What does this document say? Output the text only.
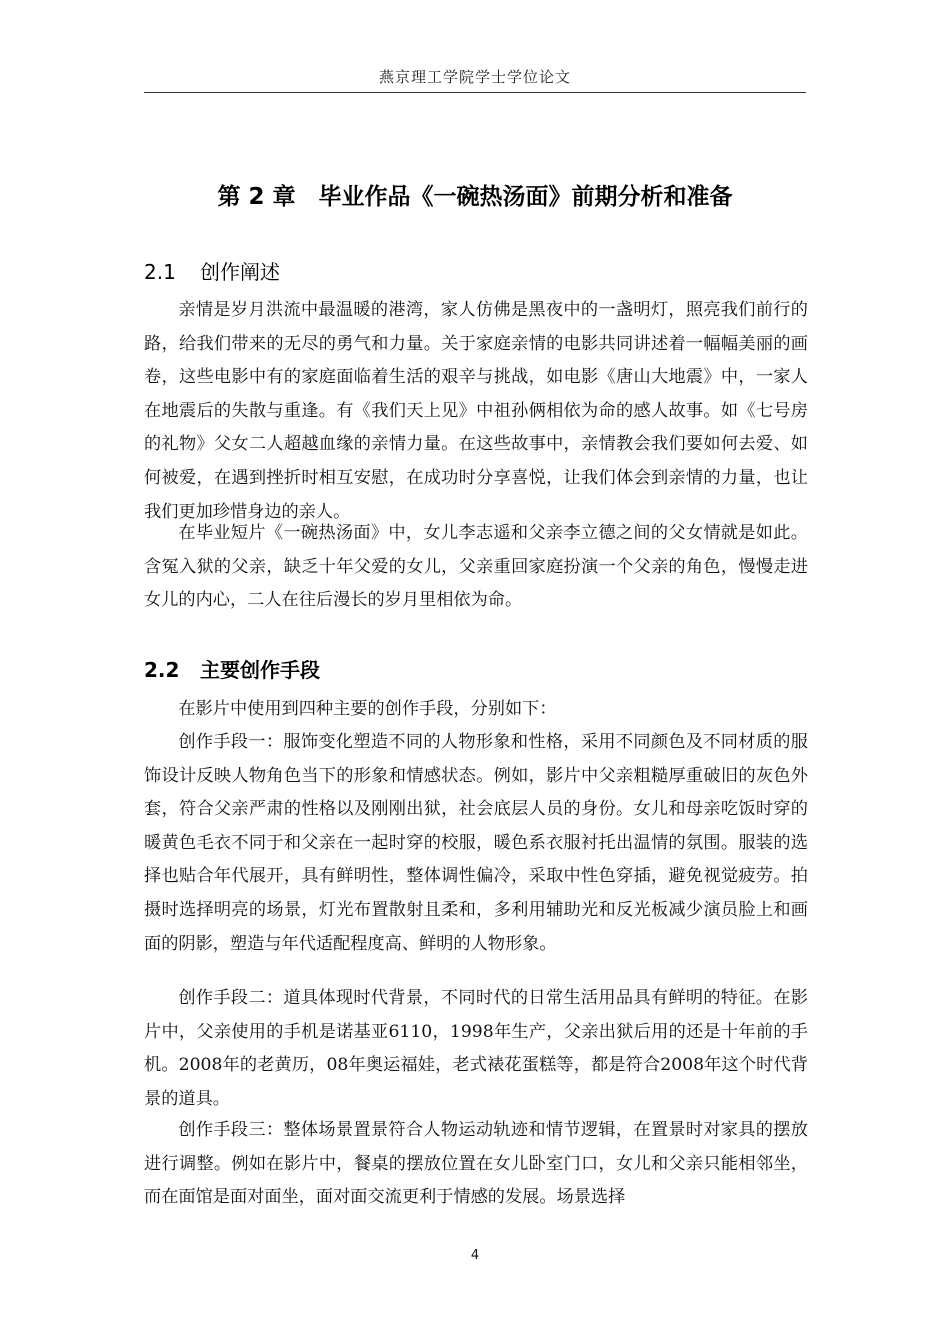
燕京理工学院学士学位论文
第 2 章　毕业作品《一碗热汤面》前期分析和准备
2.1 创作阐述

亲情是岁月洪流中最温暖的港湾，家人仿佛是黑夜中的一盏明灯，照亮我们前行的路，给我们带来的无尽的勇气和力量。关于家庭亲情的电影共同讲述着一幅幅美丽的画卷，这些电影中有的家庭面临着生活的艰辛与挑战，如电影《唐山大地震》中，一家人在地震后的失散与重逢。有《我们天上见》中祖孙俩相依为命的感人故事。如《七号房的礼物》父女二人超越血缘的亲情力量。在这些故事中，亲情教会我们要如何去爱、如何被爱，在遇到挫折时相互安慰，在成功时分享喜悦，让我们体会到亲情的力量，也让我们更加珍惜身边的亲人。

在毕业短片《一碗热汤面》中，女儿李志遥和父亲李立德之间的父女情就是如此。含冤入狱的父亲，缺乏十年父爱的女儿，父亲重回家庭扮演一个父亲的角色，慢慢走进女儿的内心，二人在往后漫长的岁月里相依为命。

2.2 主要创作手段

在影片中使用到四种主要的创作手段，分别如下：

创作手段一：服饰变化塑造不同的人物形象和性格，采用不同颜色及不同材质的服饰设计反映人物角色当下的形象和情感状态。例如，影片中父亲粗糙厚重破旧的灰色外套，符合父亲严肃的性格以及刚刚出狱，社会底层人员的身份。女儿和母亲吃饭时穿的暖黄色毛衣不同于和父亲在一起时穿的校服，暖色系衣服衬托出温情的氛围。服装的选择也贴合年代展开，具有鲜明性，整体调性偏冷，采取中性色穿插，避免视觉疲劳。拍摄时选择明亮的场景，灯光布置散射且柔和，多利用辅助光和反光板减少演员脸上和画面的阴影，塑造与年代适配程度高、鲜明的人物形象。

创作手段二：道具体现时代背景，不同时代的日常生活用品具有鲜明的特征。在影片中，父亲使用的手机是诺基亚6110，1998年生产，父亲出狱后用的还是十年前的手机。2008年的老黄历，08年奥运福娃，老式裱花蛋糕等，都是符合2008年这个时代背景的道具。

创作手段三：整体场景置景符合人物运动轨迹和情节逻辑，在置景时对家具的摆放进行调整。例如在影片中，餐桌的摆放位置在女儿卧室门口，女儿和父亲只能相邻坐，而在面馆是面对面坐，面对面交流更利于情感的发展。场景选择

4
